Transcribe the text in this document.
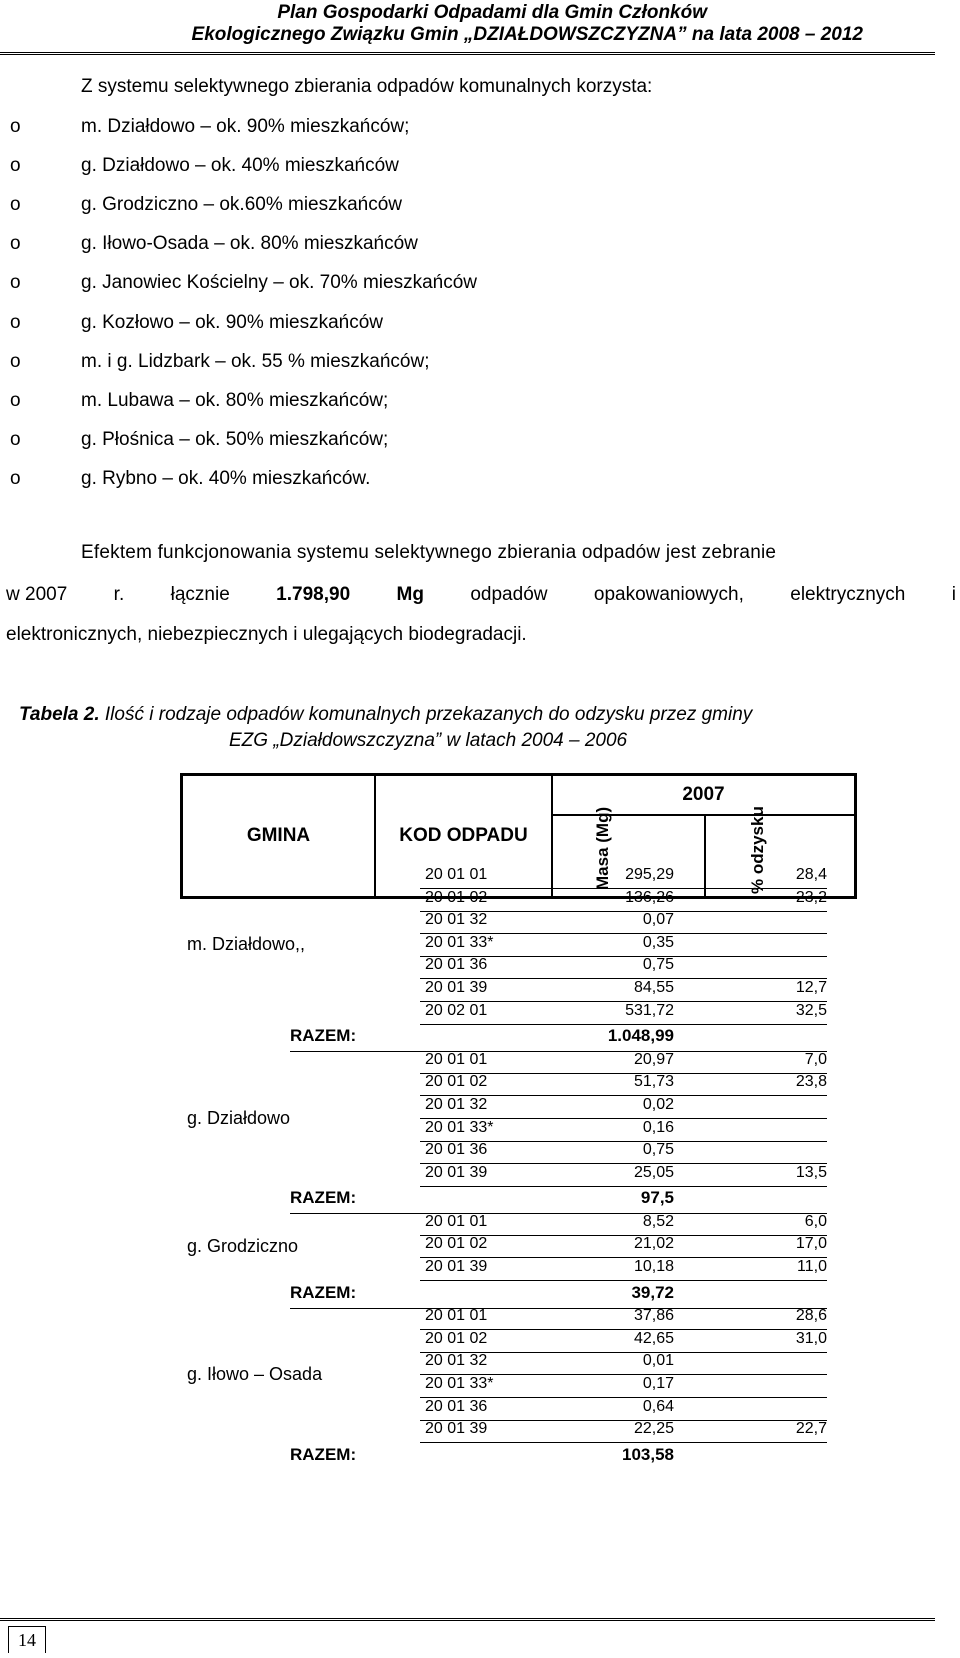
Plan Gospodarki Odpadami dla Gmin Członków
Ekologicznego Związku Gmin „DZIAŁDOWSZCZYZNA” na lata 2008 – 2012
Z systemu selektywnego zbierania odpadów komunalnych korzysta:
o	m. Działdowo – ok. 90% mieszkańców;
o	g. Działdowo – ok. 40% mieszkańców
o	g. Grodziczno – ok.60% mieszkańców
o	g. Iłowo-Osada – ok. 80% mieszkańców
o	g. Janowiec Kościelny – ok. 70% mieszkańców
o	g. Kozłowo – ok. 90% mieszkańców
o	m. i g. Lidzbark – ok. 55 % mieszkańców;
o	m. Lubawa – ok. 80% mieszkańców;
o	g. Płośnica – ok. 50% mieszkańców;
o	g. Rybno – ok. 40% mieszkańców.
Efektem funkcjonowania systemu selektywnego zbierania odpadów jest zebranie
w 2007 r. łącznie 1.798,90 Mg odpadów opakowaniowych, elektrycznych i
elektronicznych, niebezpiecznych i ulegających biodegradacji.
Tabela 2. Ilość i rodzaje odpadów komunalnych przekazanych do odzysku przez gminy
EZG „Działdowszczyzna” w latach 2004 – 2006
GMINA	KOD ODPADU
2007
Masa (Mg)	% odzysku
20 01 01	295,29	28,4
20 01 02	136,26	23,2
20 01 32	0,07
20 01 33*	0,35
20 01 36	0,75
20 01 39	84,55	12,7
20 02 01	531,72	32,5
m. Działdowo,,
RAZEM:	1.048,99
20 01 01	20,97	7,0
20 01 02	51,73	23,8
20 01 32	0,02
20 01 33*	0,16
20 01 36	0,75
20 01 39	25,05	13,5
g. Działdowo
RAZEM:	97,5
20 01 01	8,52	6,0
20 01 02	21,02	17,0
20 01 39	10,18	11,0
g. Grodziczno
RAZEM:	39,72
20 01 01	37,86	28,6
20 01 02	42,65	31,0
20 01 32	0,01
20 01 33*	0,17
20 01 36	0,64
20 01 39	22,25	22,7
g. Iłowo – Osada
RAZEM:	103,58
14
